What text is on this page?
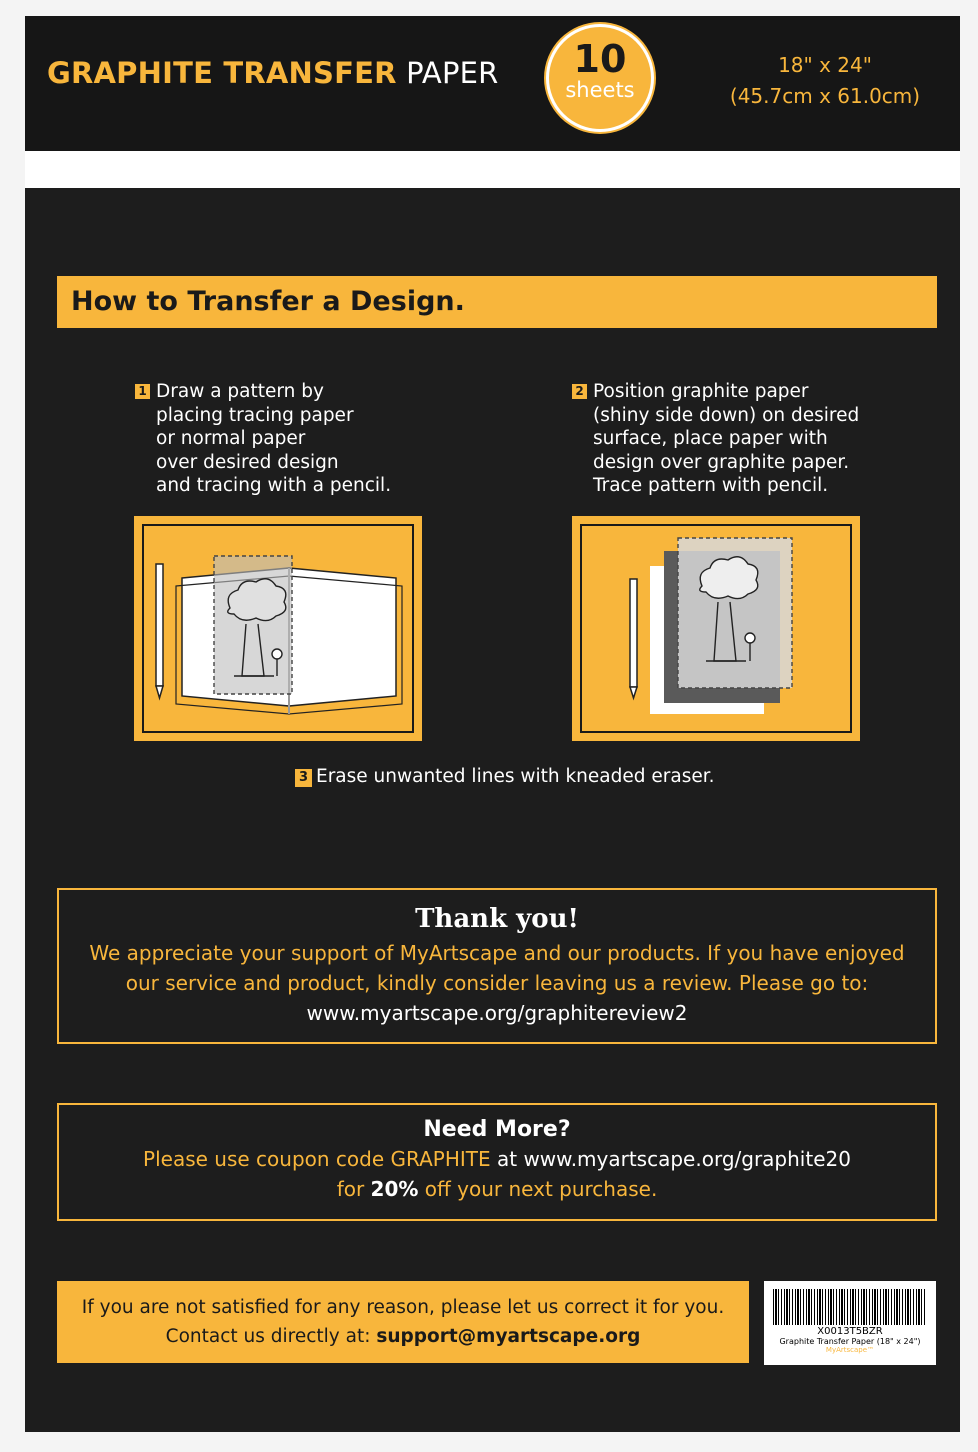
GRAPHITE TRANSFER PAPER	10
sheets
18" x 24"
(45.7cm x 61.0cm)
How to Transfer a Design.
1 Draw a pattern by
placing tracing paper
or normal paper
over desired design
and tracing with a pencil.
2 Position graphite paper
(shiny side down) on desired
surface, place paper with
design over graphite paper.
Trace pattern with pencil.
3 Erase unwanted lines with kneaded eraser.
Thank you!
We appreciate your support of MyArtscape and our products. If you have enjoyed our service and product, kindly consider leaving us a review. Please go to:
www.myartscape.org/graphitereview2
Need More?
Please use coupon code GRAPHITE at www.myartscape.org/graphite20
for 20% off your next purchase.
If you are not satisfied for any reason, please let us correct it for you.
Contact us directly at: support@myartscape.org	X0013T5BZR
Graphite Transfer Paper (18" x 24")
MyArtscape™
